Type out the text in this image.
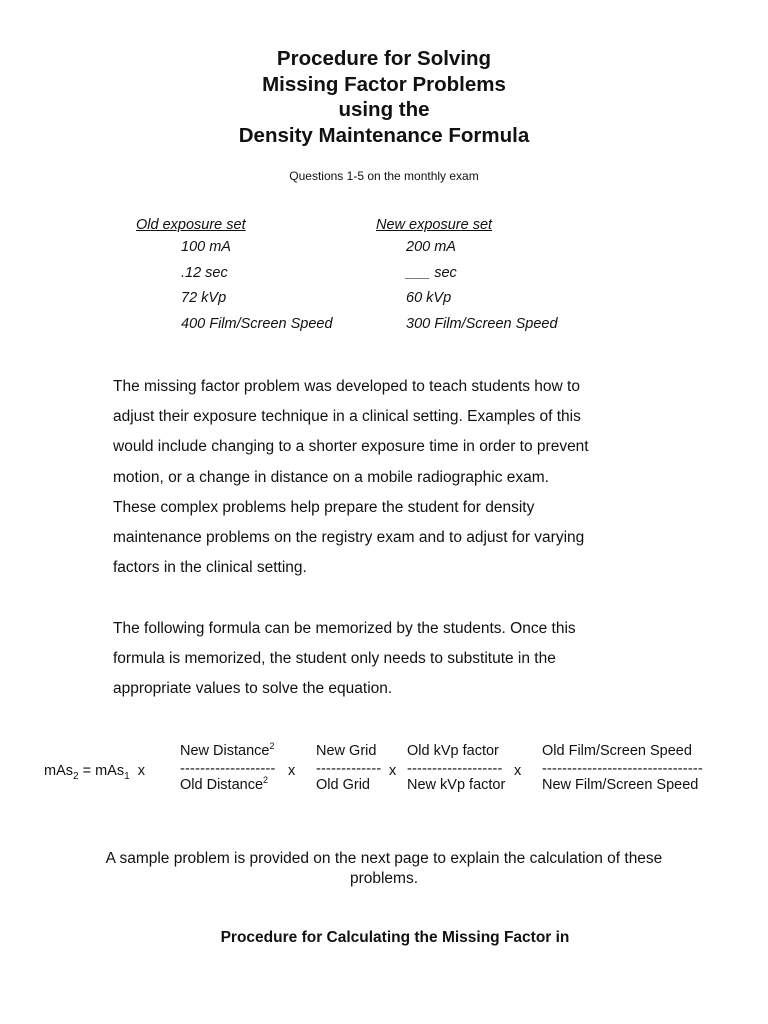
Procedure for Solving
Missing Factor Problems
using the
Density Maintenance Formula
Questions 1-5 on the monthly exam
Old exposure set
100 mA
.12 sec
72 kVp
400 Film/Screen Speed
New exposure set
200 mA
___ sec
60 kVp
300 Film/Screen Speed
The missing factor problem was developed to teach students how to
adjust their exposure technique in a clinical setting. Examples of this
would include changing to a shorter exposure time in order to prevent
motion, or a change in distance on a mobile radiographic exam.
These complex problems help prepare the student for density
maintenance problems on the registry exam and to adjust for varying
factors in the clinical setting.
The following formula can be memorized by the students. Once this
formula is memorized, the student only needs to substitute in the
appropriate values to solve the equation.
mAs$_2$ = mAs$_1$ x
New Distance$^2$
-------------------
Old Distance$^2$
x
New Grid
-------------
Old Grid
x
Old kVp factor
-------------------
New kVp factor
x
Old Film/Screen Speed
--------------------------------
New Film/Screen Speed
A sample problem is provided on the next page to explain the calculation of these
problems.
Procedure for Calculating the Missing Factor in
